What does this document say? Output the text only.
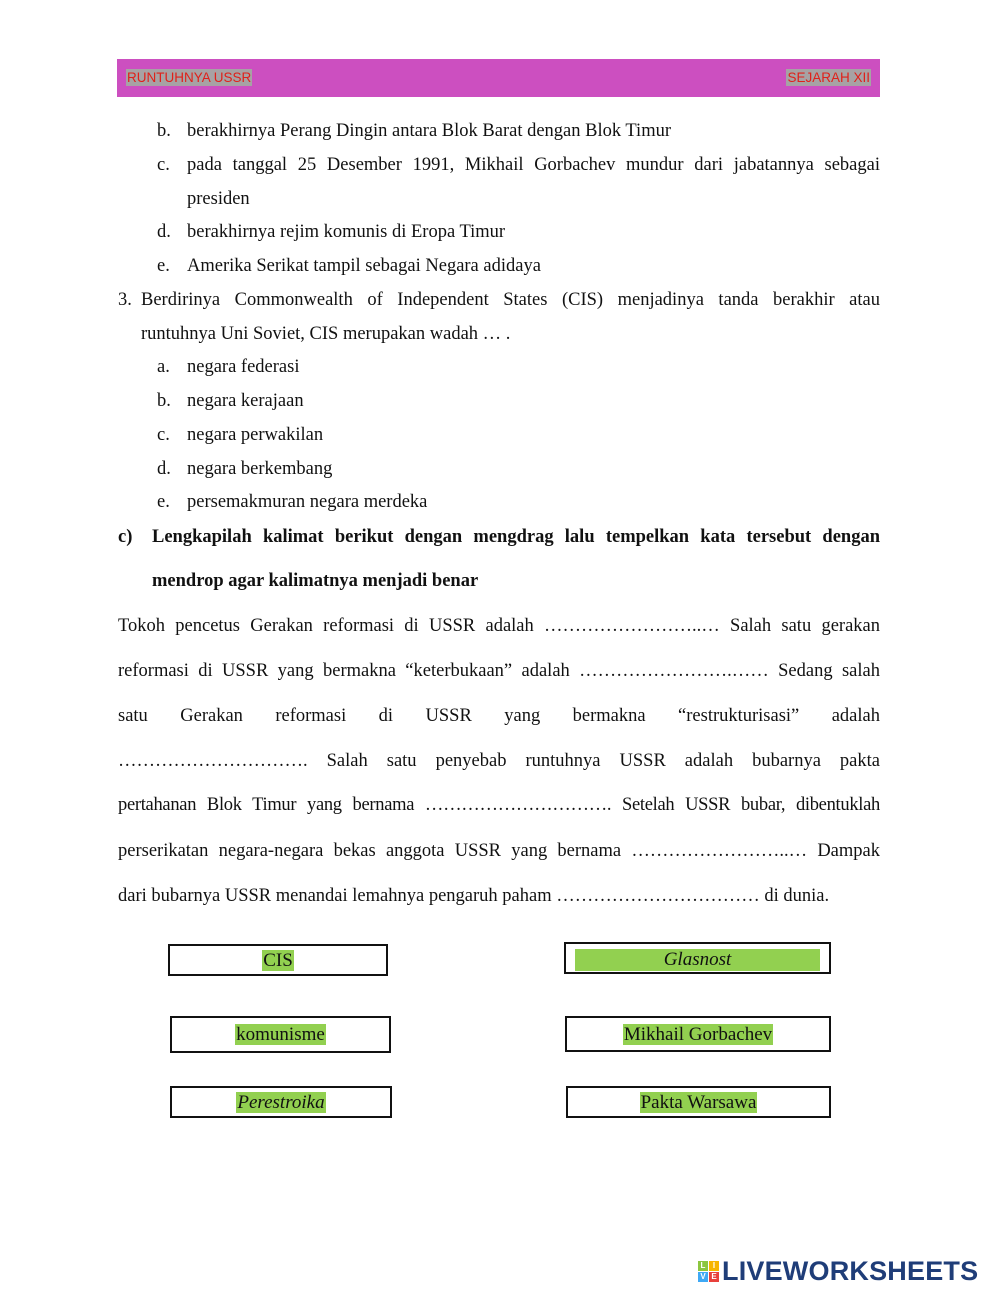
RUNTUHNYA USSR	SEJARAH XII
b. berakhirnya Perang Dingin antara Blok Barat dengan Blok Timur
c. pada tanggal 25 Desember 1991, Mikhail Gorbachev mundur dari jabatannya sebagai
presiden
d. berakhirnya rejim komunis di Eropa Timur
e. Amerika Serikat tampil sebagai Negara adidaya
3. Berdirinya Commonwealth of Independent States (CIS) menjadinya tanda berakhir atau
runtuhnya Uni Soviet, CIS merupakan wadah … .
a. negara federasi
b. negara kerajaan
c. negara perwakilan
d. negara berkembang
e. persemakmuran negara merdeka
c) Lengkapilah kalimat berikut dengan mengdrag lalu tempelkan kata tersebut dengan
mendrop agar kalimatnya menjadi benar
Tokoh pencetus Gerakan reformasi di USSR adalah ……………………..… Salah satu gerakan
reformasi di USSR yang bermakna “keterbukaan” adalah …………………….…… Sedang salah
satu Gerakan reformasi di USSR yang bermakna “restrukturisasi” adalah
…………………………. Salah satu penyebab runtuhnya USSR adalah bubarnya pakta
pertahanan Blok Timur yang bernama …………………………. Setelah USSR bubar, dibentuklah
perserikatan negara-negara bekas anggota USSR yang bernama ……………………..… Dampak
dari bubarnya USSR menandai lemahnya pengaruh paham …………………………… di dunia.
CIS	Glasnost
komunisme	Mikhail Gorbachev
Perestroika	Pakta Warsawa
L I
V E LIVEWORKSHEETS
